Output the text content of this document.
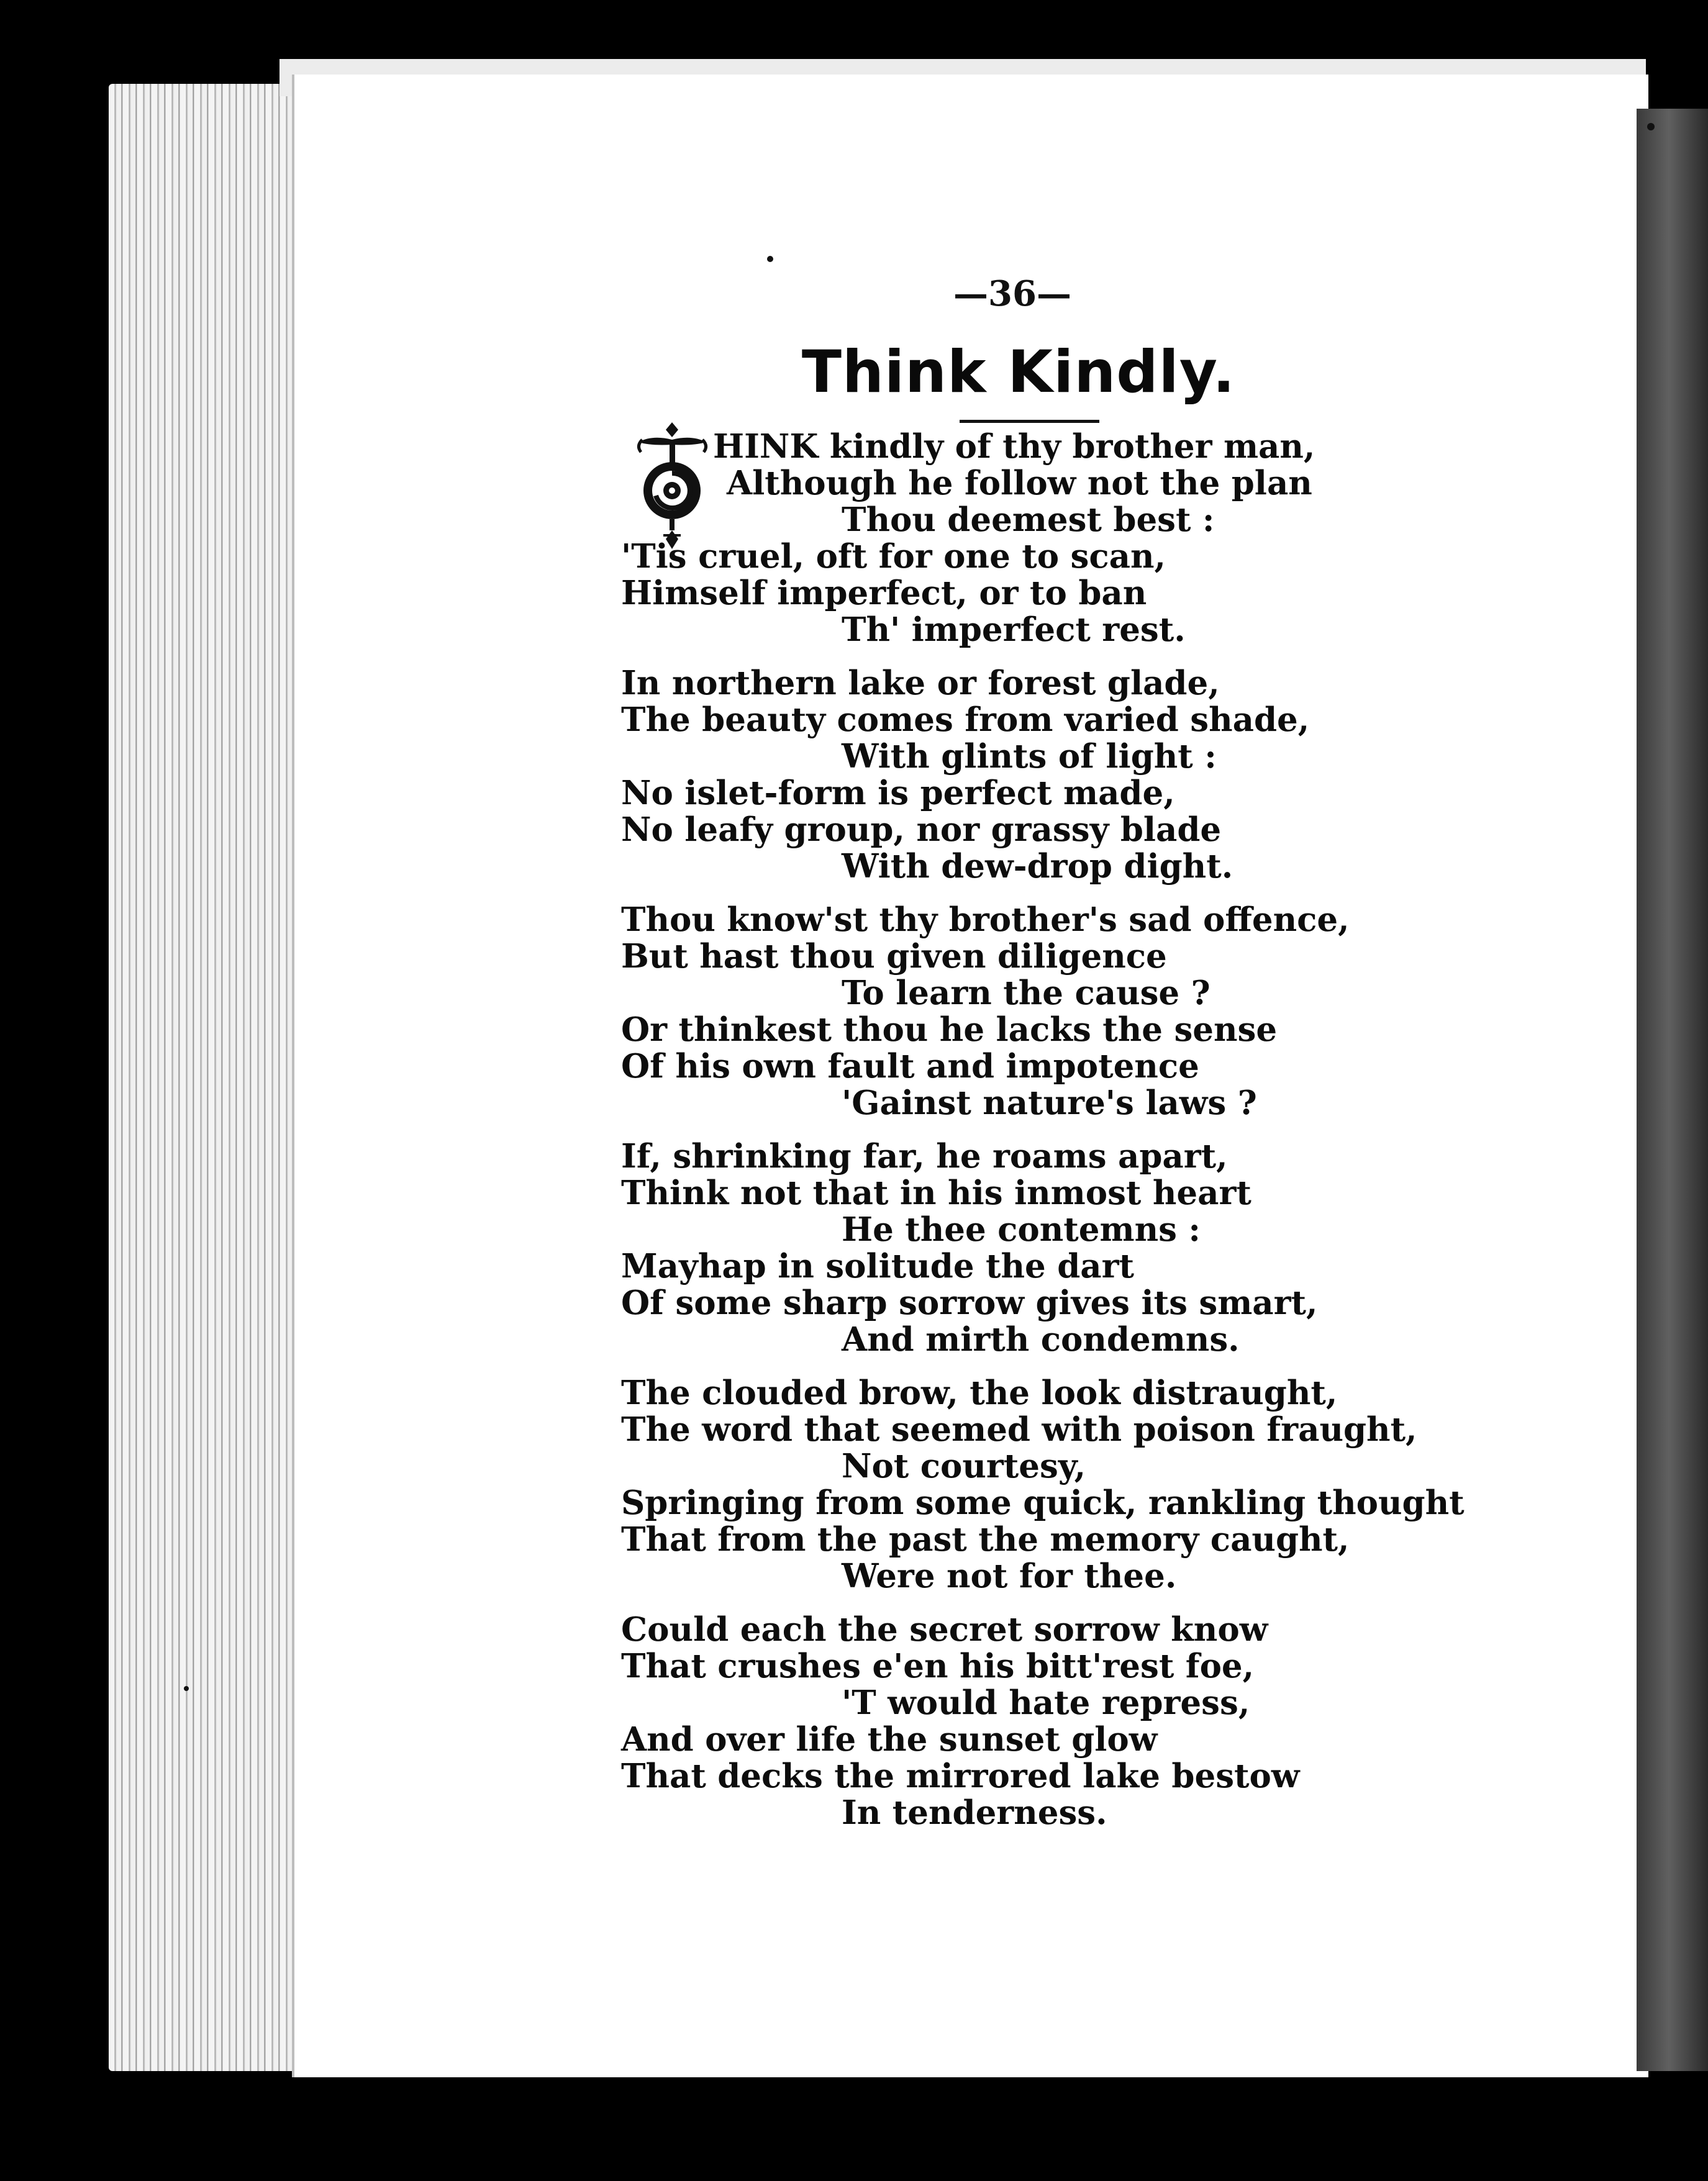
—36—
Think Kindly.
HINK kindly of thy brother man,
Although he follow not the plan
Thou deemest best :
'Tis cruel, oft for one to scan,
Himself imperfect, or to ban
Th' imperfect rest.
In northern lake or forest glade,
The beauty comes from varied shade,
With glints of light :
No islet-form is perfect made,
No leafy group, nor grassy blade
With dew-drop dight.
Thou know'st thy brother's sad offence,
But hast thou given diligence
To learn the cause ?
Or thinkest thou he lacks the sense
Of his own fault and impotence
'Gainst nature's laws ?
If, shrinking far, he roams apart,
Think not that in his inmost heart
He thee contemns :
Mayhap in solitude the dart
Of some sharp sorrow gives its smart,
And mirth condemns.
The clouded brow, the look distraught,
The word that seemed with poison fraught,
Not courtesy,
Springing from some quick, rankling thought
That from the past the memory caught,
Were not for thee.
Could each the secret sorrow know
That crushes e'en his bitt'rest foe,
'T would hate repress,
And over life the sunset glow
That decks the mirrored lake bestow
In tenderness.
